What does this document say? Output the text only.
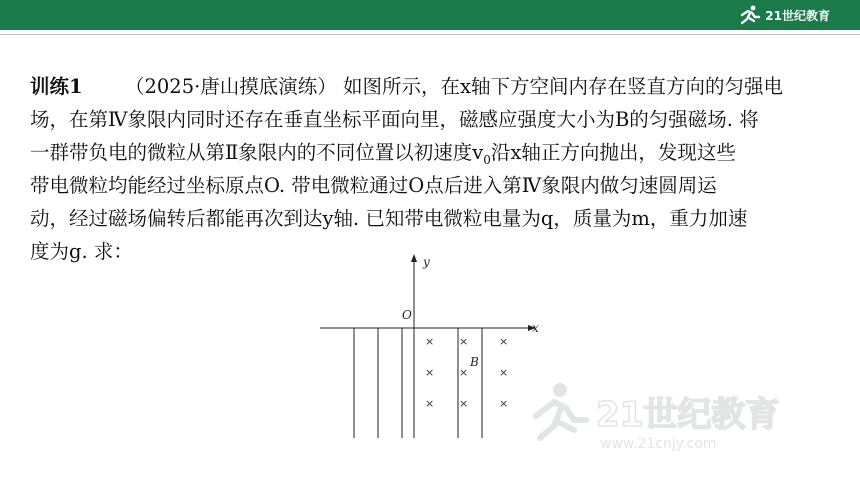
21世纪教育
训练1 （2025·唐山摸底演练） 如图所示，在x轴下方空间内存在竖直方向的匀强电
场，在第Ⅳ象限内同时还存在垂直坐标平面向里，磁感应强度大小为B的匀强磁场. 将
一群带负电的微粒从第Ⅱ象限内的不同位置以初速度$v_0$沿x轴正方向抛出，发现这些
带电微粒均能经过坐标原点O. 带电微粒通过O点后进入第Ⅳ象限内做匀速圆周运
动，经过磁场偏转后都能再次到达y轴. 已知带电微粒电量为q，质量为m，重力加速
度为g. 求：	y
x
O
B
× ×	×
× ×	×
× ×	×	21世纪教育
www.21cnjy.com
